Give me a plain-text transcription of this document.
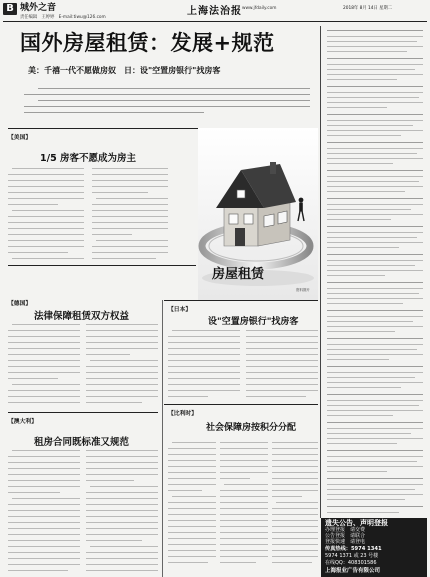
B 城外之音
责任编辑　王婷婷　E-mail:tiwu@126.com
上海法治报 www.jfdaily.com	2018年 8月 14日 星期二
国外房屋租赁：发展+规范
美：千禧一代不愿做房奴　日：设"空置房银行"找房客
遗失公告、声明登报
办理登报　请交费
公告登报　请联合
登报快速　请登电
传真热线：5974 1341
5974 1371 或 23 号楼
在线QQ：408301586
上海报业广告有限公司
【美国】
1/5 房客不愿成为房主
房屋租赁
资料图片
【德国】
法律保障租赁双方权益
【日本】
设"空置房银行"找房客
【澳大利】
租房合同既标准又规范
【比利时】
社会保障房按积分分配
